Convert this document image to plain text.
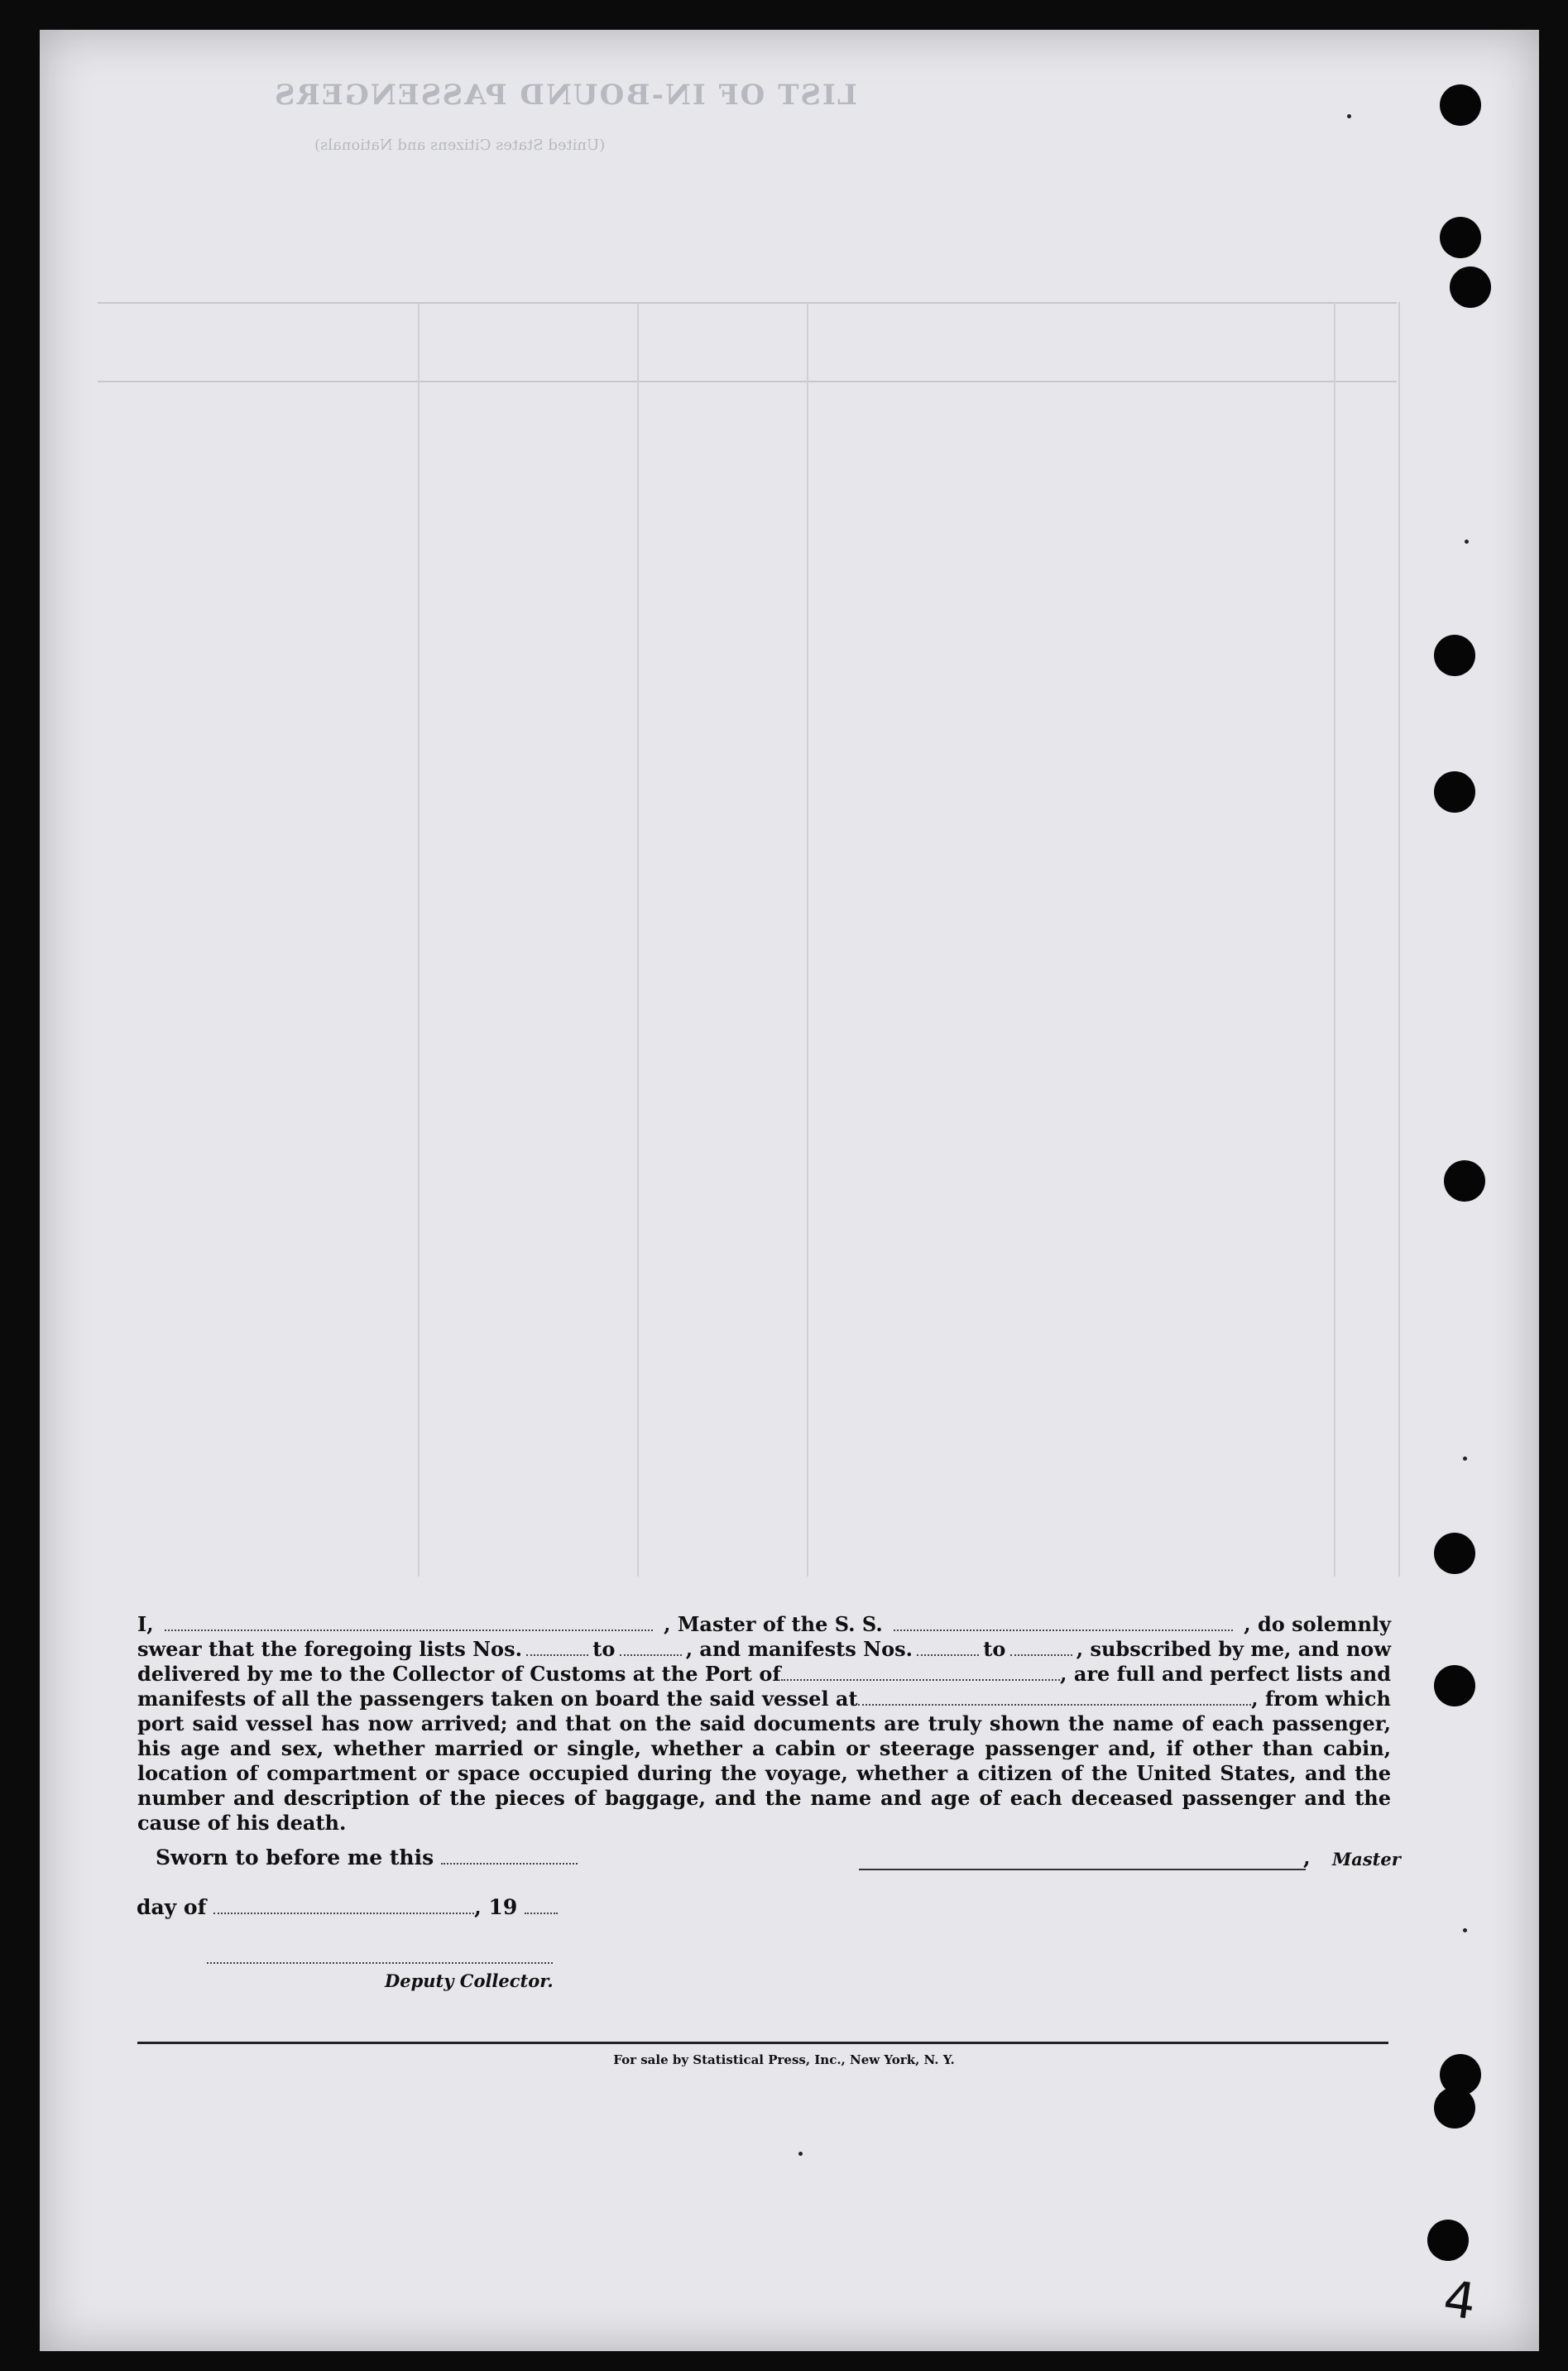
LIST OF IN-BOUND PASSENGERS
(United States Citizens and Nationals)
I,	, Master of the S. S.	, do solemnly
swear that the foregoing lists Nos.	to	, and manifests Nos.	to	, subscribed by me, and now
delivered by me to the Collector of Customs at the Port of	, are full and perfect lists and
manifests of all the passengers taken on board the said vessel at	, from which

port said vessel has now arrived; and that on the said documents are truly shown the name of each passenger, his age and sex, whether married or single, whether a cabin or steerage passenger and, if other than cabin, location of compartment or space occupied during the voyage, whether a citizen of the United States, and the number and description of the pieces of baggage, and the name and age of each deceased passenger and the cause of his death.

Sworn to before me this	, Master
day of	, 19
Deputy Collector.
For sale by Statistical Press, Inc., New York, N. Y.
4
